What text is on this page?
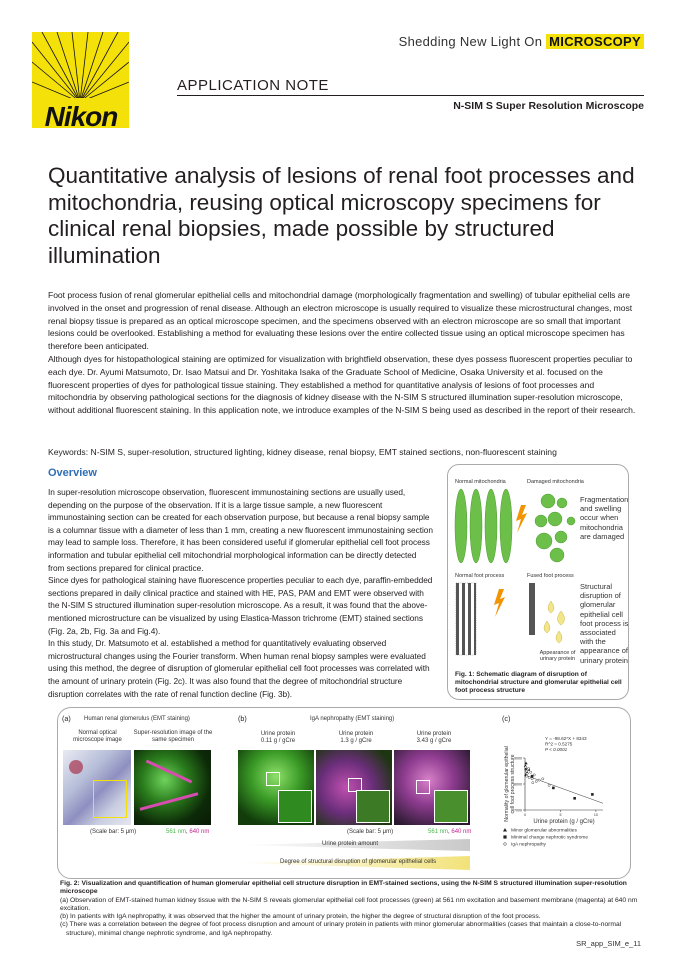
Nikon
Shedding New Light On MICROSCOPY
APPLICATION NOTE
N-SIM S Super Resolution Microscope
Quantitative analysis of lesions of renal foot processes and mitochondria, reusing optical microscopy specimens for clinical renal biopsies, made possible by structured illumination

Foot process fusion of renal glomerular epithelial cells and mitochondrial damage (morphologically fragmentation and swelling) of tubular epithelial cells are involved in the onset and progression of renal disease. Although an electron microscope is usually required to visualize these microstructural changes, most renal biopsy tissue is prepared as an optical microscope specimen, and the specimens observed with an electron microscope are so small that important lesions could be overlooked. Establishing a method for evaluating these lesions over the entire collected tissue using an optical microscope specimen has therefore been anticipated.

Although dyes for histopathological staining are optimized for visualization with brightfield observation, these dyes possess fluorescent properties peculiar to each dye. Dr. Ayumi Matsumoto, Dr. Isao Matsui and Dr. Yoshitaka Isaka of the Graduate School of Medicine, Osaka University et al. focused on the fluorescent properties of dyes for pathological tissue staining. They established a method for quantitative analysis of lesions of foot processes and mitochondria by observing pathological sections for the diagnosis of kidney disease with the N-SIM S structured illumination super-resolution microscope, without additional fluorescent staining. In this application note, we introduce examples of the N-SIM S being used as described in the report of their research.

Keywords: N-SIM S, super-resolution, structured lighting, kidney disease, renal biopsy, EMT stained sections, non-fluorescent staining
Overview

In super-resolution microscope observation, fluorescent immunostaining sections are usually used, depending on the purpose of the observation. If it is a large tissue sample, a new fluorescent immunostaining section can be created for each observation purpose, but because a renal biopsy sample is a columnar tissue with a diameter of less than 1 mm, creating a new fluorescent immunostaining section may lead to sample loss. Therefore, it has been considered useful if glomerular epithelial cell foot process information and tubular epithelial cell mitochondrial morphological information can be directly detected from sections prepared for clinical practice.

Since dyes for pathological staining have fluorescence properties peculiar to each dye, paraffin-embedded sections prepared in daily clinical practice and stained with HE, PAS, PAM and EMT were observed with the N-SIM S structured illumination super-resolution microscope. As a result, it was found that the above-mentioned microstructure can be visualized by using Elastica-Masson trichrome (EMT) stained sections (Fig. 2a, 2b, Fig. 3a and Fig.4).

In this study, Dr. Matsumoto et al. established a method for quantitatively evaluating observed microstructural changes using the Fourier transform. When human renal biopsy samples were evaluated using this method, the degree of disruption of glomerular epithelial cell foot processes was correlated with the amount of urinary protein (Fig. 2c). It was also found that the degree of mitochondrial structure disruption correlates with the rate of renal function decline (Fig. 3b).

Normal mitochondria	Damaged mitochondria
Fragmentation and swelling occur when mitochondria are damaged
Normal foot process	Fused foot process
Appearance of urinary protein
Structural disruption of glomerular epithelial cell foot process is associated with the appearance of urinary protein
Fig. 1: Schematic diagram of disruption of mitochondrial structure and glomerular epithelial cell foot process structure
(a) Human renal glomerulus (EMT staining)
Normal optical microscope image
Super-resolution image of the same specimen
(Scale bar: 5 μm)	561 nm, 640 nm
(b)	IgA nephropathy (EMT staining)
Urine protein
0.11 g / gCre
Urine protein
1.3 g / gCre
Urine protein
3.43 g / gCre
(Scale bar: 5 μm)	561 nm, 640 nm
Urine protein amount
Degree of structural disruption of glomerular epithelial cells
(c)
7000
8000
9000
0	5	10
Urine protein (g / gCre)
Normality of glomerular epithelialcell foot process structure
Y = -98.62*X + 8343
R^2 = 0.5275
P < 0.0001
Minor glomerular abnormalities
Minimal change nephrotic syndrome
IgA nephropathy
Fig. 2: Visualization and quantification of human glomerular epithelial cell structure disruption in EMT-stained sections, using the N-SIM S structured illumination super-resolution microscope
(a) Observation of EMT-stained human kidney tissue with the N-SIM S reveals glomerular epithelial cell foot processes (green) at 561 nm excitation and basement membrane (magenta) at 640 nm excitation.
(b) In patients with IgA nephropathy, it was observed that the higher the amount of urinary protein, the higher the degree of structural disruption of the foot process.
(c) There was a correlation between the degree of foot process disruption and amount of urinary protein in patients with minor glomerular abnormalities (cases that maintain a close-to-normal structure), minimal change nephrotic syndrome, and IgA nephropathy.
SR_app_SIM_e_11
